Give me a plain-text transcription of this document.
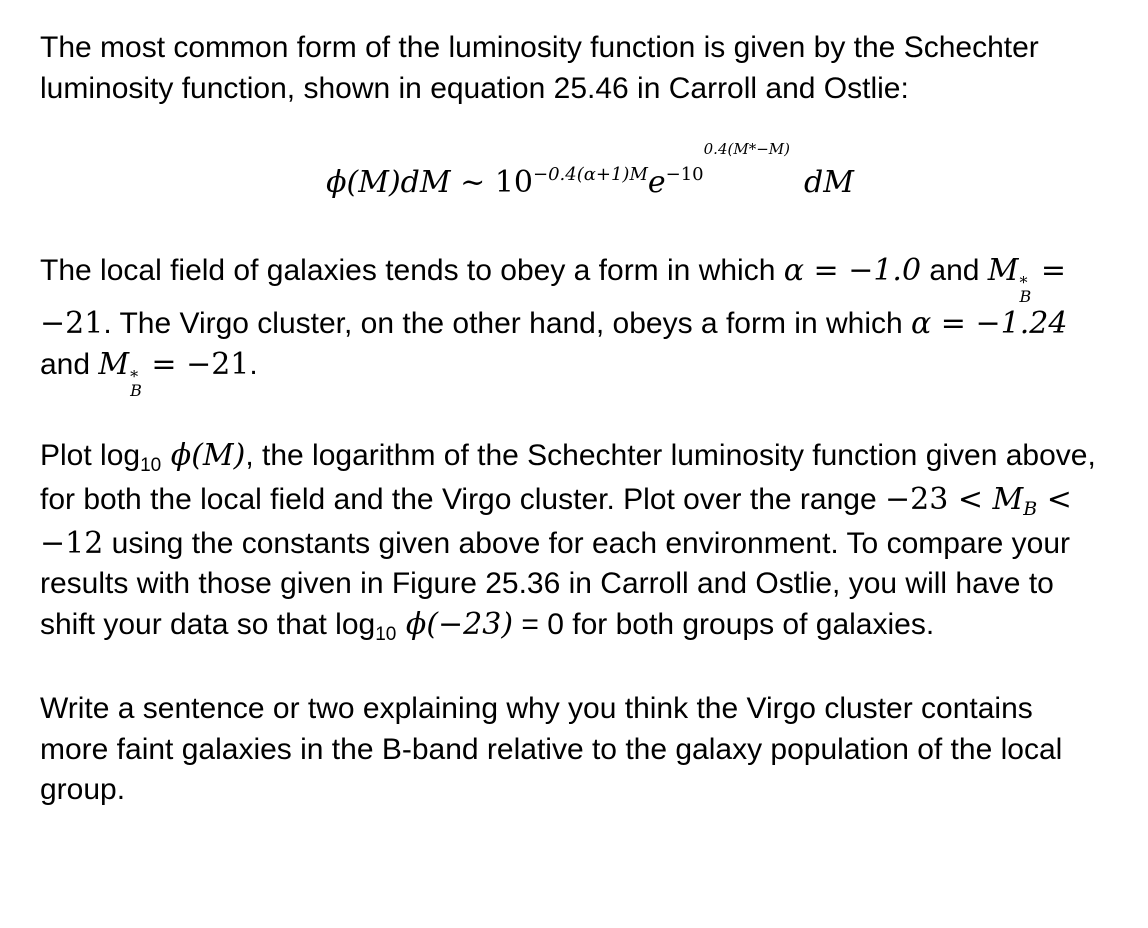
The most common form of the luminosity function is given by the Schechter luminosity function, shown in equation 25.46 in Carroll and Ostlie:

ϕ(M)dM ~ $10^{-0.4(\alpha+1)M}e^{-10^{0.4(M*-M)}}dM$

The local field of galaxies tends to obey a form in which α = −1.0 and M *
B
= −21. The Virgo cluster, on the other hand, obeys a form in which α = −1.24 and M *
B
= −21.

Plot $\log_{10} \phi(M)$, the logarithm of the Schechter luminosity function given above, for both the local field and the Virgo cluster. Plot over the range $-23 < M_B < -12$ using the constants given above for each environment. To compare your results with those given in Figure 25.36 in Carroll and Ostlie, you will have to shift your data so that $\log_{10} \phi(-23) = 0$ for both groups of galaxies.

Write a sentence or two explaining why you think the Virgo cluster contains more faint galaxies in the B-band relative to the galaxy population of the local group.
